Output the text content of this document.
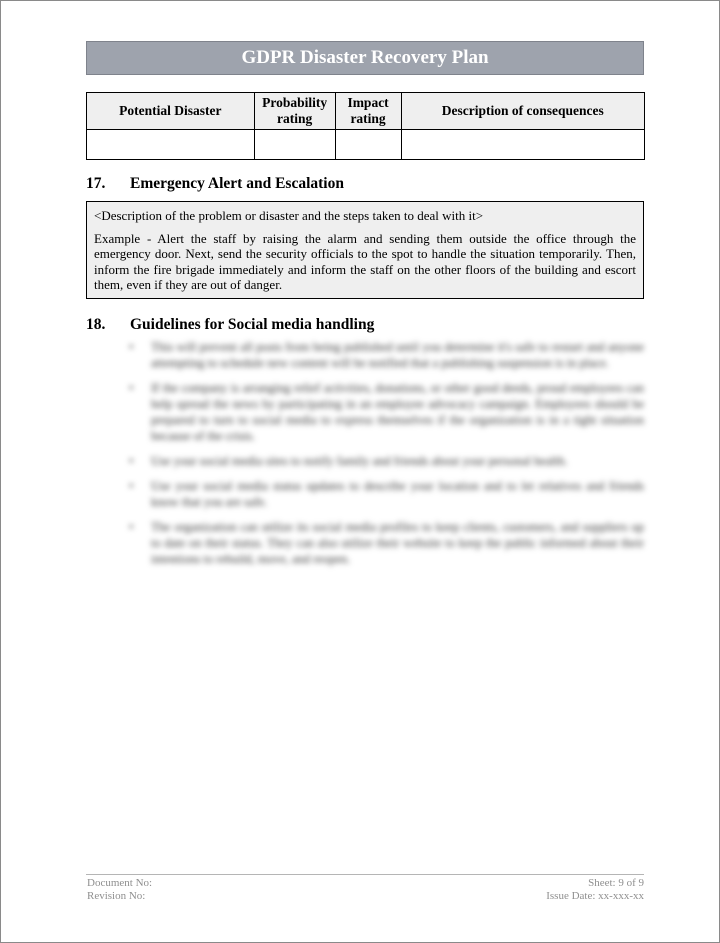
GDPR Disaster Recovery Plan
Potential Disaster	Probability rating	Impact rating	Description of consequences

17. Emergency Alert and Escalation

<Description of the problem or disaster and the steps taken to deal with it>

Example - Alert the staff by raising the alarm and sending them outside the office through the emergency door. Next, send the security officials to the spot to handle the situation temporarily. Then, inform the fire brigade immediately and inform the staff on the other floors of the building and escort them, even if they are out of danger.

18. Guidelines for Social media handling
• This will prevent all posts from being published until you determine it's safe to restart and anyone attempting to schedule new content will be notified that a publishing suspension is in place.
• If the company is arranging relief activities, donations, or other good deeds, proud employees can help spread the news by participating in an employee advocacy campaign. Employees should be prepared to turn to social media to express themselves if the organization is in a tight situation because of the crisis.
• Use your social media sites to notify family and friends about your personal health.
• Use your social media status updates to describe your location and to let relatives and friends know that you are safe.
• The organization can utilize its social media profiles to keep clients, customers, and suppliers up to date on their status. They can also utilize their website to keep the public informed about their intentions to rebuild, move, and reopen.
Document No:
Revision No:
Sheet: 9 of 9
Issue Date: xx-xxx-xx
